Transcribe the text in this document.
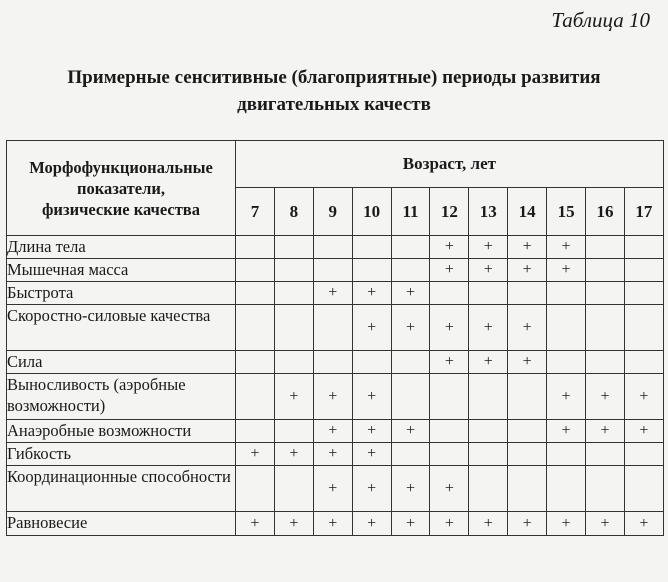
Таблица 10
Примерные сенситивные (благоприятные) периоды развития
двигательных качеств
Морфофункциональные
показатели,
физические качества	Возраст, лет										
	7	8	9	10	11	12	13	14	15	16	17
Длина тела						+	+	+	+		
Мышечная масса						+	+	+	+		
Быстрота			+	+	+						
Скоростно-силовые качества				+	+	+	+	+			
Сила						+	+	+			
Выносливость (аэробные возможности)		+	+	+					+	+	+
Анаэробные возможности			+	+	+				+	+	+
Гибкость	+	+	+	+							
Координационные способности			+	+	+	+					
Равновесие	+	+	+	+	+	+	+	+	+	+	+
